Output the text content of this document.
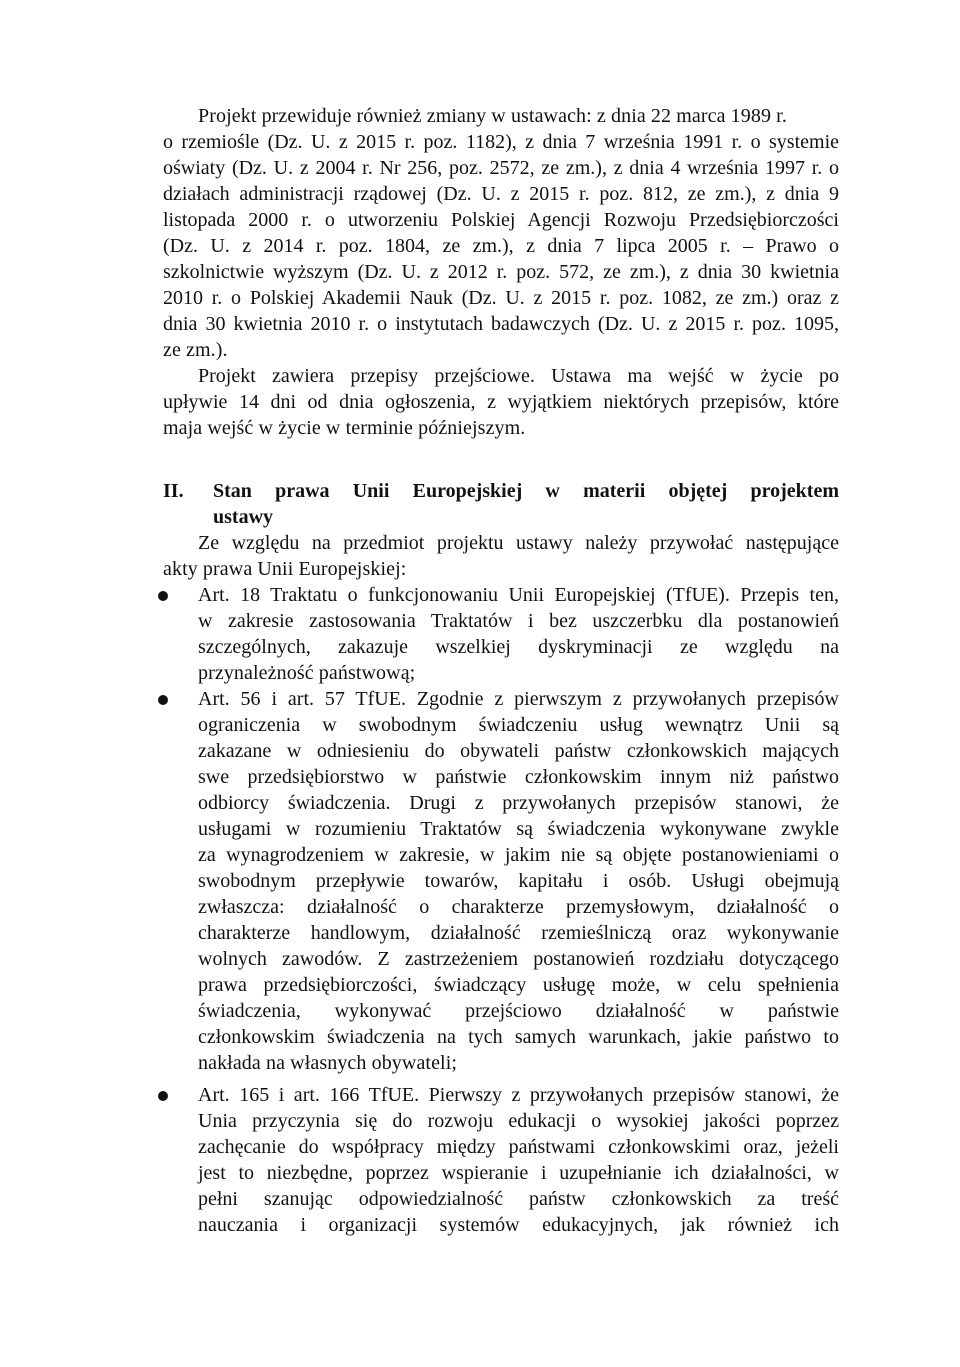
Projekt przewiduje również zmiany w ustawach: z dnia 22 marca 1989 r.
o rzemiośle (Dz. U. z 2015 r. poz. 1182), z dnia 7 września 1991 r. o systemie
oświaty (Dz. U. z 2004 r. Nr 256, poz. 2572, ze zm.), z dnia 4 września 1997 r. o
działach administracji rządowej (Dz. U. z 2015 r. poz. 812, ze zm.), z dnia 9
listopada 2000 r. o utworzeniu Polskiej Agencji Rozwoju Przedsiębiorczości
(Dz. U. z 2014 r. poz. 1804, ze zm.), z dnia 7 lipca 2005 r. – Prawo o
szkolnictwie wyższym (Dz. U. z 2012 r. poz. 572, ze zm.), z dnia 30 kwietnia
2010 r. o Polskiej Akademii Nauk (Dz. U. z 2015 r. poz. 1082, ze zm.) oraz z
dnia 30 kwietnia 2010 r. o instytutach badawczych (Dz. U. z 2015 r. poz. 1095,
ze zm.).
Projekt zawiera przepisy przejściowe. Ustawa ma wejść w życie po
upływie 14 dni od dnia ogłoszenia, z wyjątkiem niektórych przepisów, które
maja wejść w życie w terminie późniejszym.
II. Stan prawa Unii Europejskiej w materii objętej projektem
ustawy
Ze względu na przedmiot projektu ustawy należy przywołać następujące
akty prawa Unii Europejskiej:
Art. 18 Traktatu o funkcjonowaniu Unii Europejskiej (TfUE). Przepis ten,
w zakresie zastosowania Traktatów i bez uszczerbku dla postanowień
szczególnych, zakazuje wszelkiej dyskryminacji ze względu na
przynależność państwową;
Art. 56 i art. 57 TfUE. Zgodnie z pierwszym z przywołanych przepisów
ograniczenia w swobodnym świadczeniu usług wewnątrz Unii są
zakazane w odniesieniu do obywateli państw członkowskich mających
swe przedsiębiorstwo w państwie członkowskim innym niż państwo
odbiorcy świadczenia. Drugi z przywołanych przepisów stanowi, że
usługami w rozumieniu Traktatów są świadczenia wykonywane zwykle
za wynagrodzeniem w zakresie, w jakim nie są objęte postanowieniami o
swobodnym przepływie towarów, kapitału i osób. Usługi obejmują
zwłaszcza: działalność o charakterze przemysłowym, działalność o
charakterze handlowym, działalność rzemieślniczą oraz wykonywanie
wolnych zawodów. Z zastrzeżeniem postanowień rozdziału dotyczącego
prawa przedsiębiorczości, świadczący usługę może, w celu spełnienia
świadczenia, wykonywać przejściowo działalność w państwie
członkowskim świadczenia na tych samych warunkach, jakie państwo to
nakłada na własnych obywateli;
Art. 165 i art. 166 TfUE. Pierwszy z przywołanych przepisów stanowi, że
Unia przyczynia się do rozwoju edukacji o wysokiej jakości poprzez
zachęcanie do współpracy między państwami członkowskimi oraz, jeżeli
jest to niezbędne, poprzez wspieranie i uzupełnianie ich działalności, w
pełni szanując odpowiedzialność państw członkowskich za treść
nauczania i organizacji systemów edukacyjnych, jak również ich
